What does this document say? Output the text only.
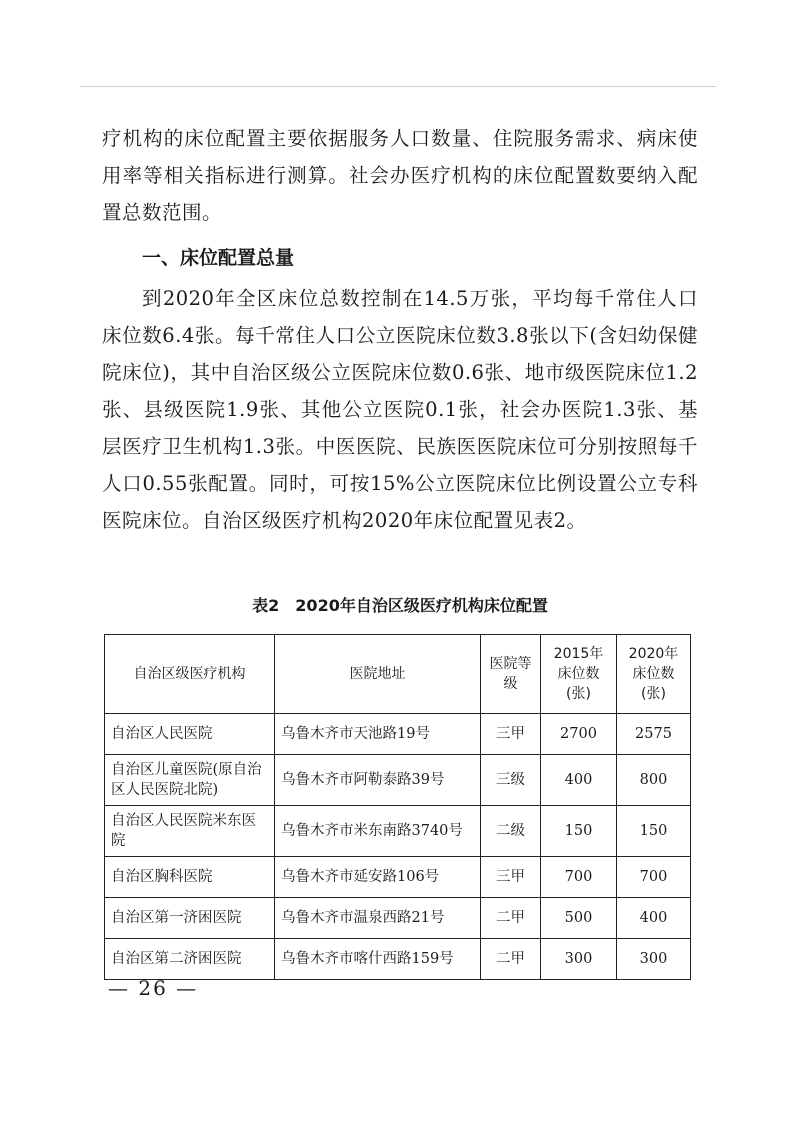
疗机构的床位配置主要依据服务人口数量、住院服务需求、病床使用率等相关指标进行测算。社会办医疗机构的床位配置数要纳入配置总数范围。

一、床位配置总量

到2020年全区床位总数控制在14.5万张，平均每千常住人口床位数6.4张。每千常住人口公立医院床位数3.8张以下(含妇幼保健院床位)，其中自治区级公立医院床位数0.6张、地市级医院床位1.2张、县级医院1.9张、其他公立医院0.1张，社会办医院1.3张、基层医疗卫生机构1.3张。中医医院、民族医医院床位可分别按照每千人口0.55张配置。同时，可按15%公立医院床位比例设置公立专科医院床位。自治区级医疗机构2020年床位配置见表2。

表2 2020年自治区级医疗机构床位配置
自治区级医疗机构	医院地址	医院等级	2015年床位数(张)	2020年床位数(张)
自治区人民医院	乌鲁木齐市天池路19号	三甲	2700	2575
自治区儿童医院(原自治区人民医院北院)	乌鲁木齐市阿勒泰路39号	三级	400	800
自治区人民医院米东医院	乌鲁木齐市米东南路3740号	二级	150	150
自治区胸科医院	乌鲁木齐市延安路106号	三甲	700	700
自治区第一济困医院	乌鲁木齐市温泉西路21号	二甲	500	400
自治区第二济困医院	乌鲁木齐市喀什西路159号	二甲	300	300
— 26 —
